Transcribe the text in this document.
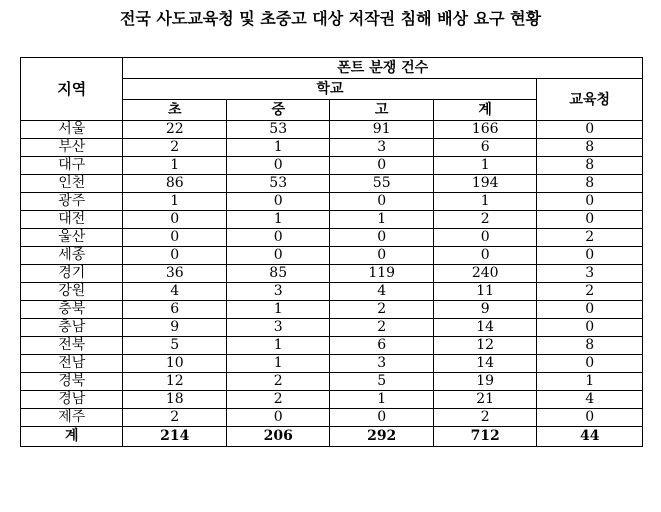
전국 사도교육청 및 초중고 대상 저작권 침해 배상 요구 현황
지역	폰트 분쟁 건수				
	학교				교육청
	초	중	고	계	
서울	22	53	91	166	0
부산	2	1	3	6	8
대구	1	0	0	1	8
인천	86	53	55	194	8
광주	1	0	0	1	0
대전	0	1	1	2	0
울산	0	0	0	0	2
세종	0	0	0	0	0
경기	36	85	119	240	3
강원	4	3	4	11	2
충북	6	1	2	9	0
충남	9	3	2	14	0
전북	5	1	6	12	8
전남	10	1	3	14	0
경북	12	2	5	19	1
경남	18	2	1	21	4
제주	2	0	0	2	0
계	214	206	292	712	44
